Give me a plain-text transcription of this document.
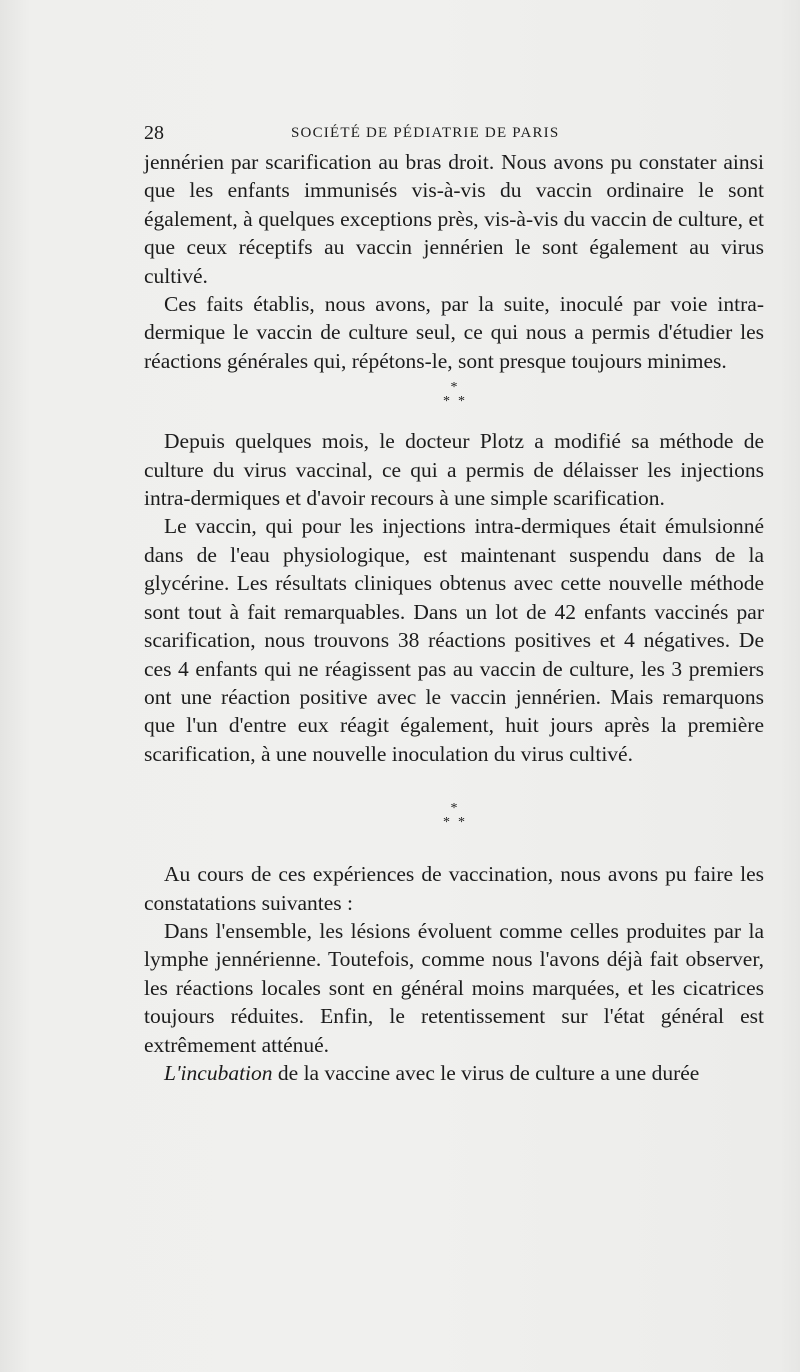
28	SOCIÉTÉ DE PÉDIATRIE DE PARIS

jennérien par scarification au bras droit. Nous avons pu constater ainsi que les enfants immunisés vis-à-vis du vaccin ordinaire le sont également, à quelques exceptions près, vis-à-vis du vaccin de culture, et que ceux réceptifs au vaccin jennérien le sont également au virus cultivé.

Ces faits établis, nous avons, par la suite, inoculé par voie intra-dermique le vaccin de culture seul, ce qui nous a permis d'étudier les réactions générales qui, répétons-le, sont presque toujours minimes.

*
**

Depuis quelques mois, le docteur Plotz a modifié sa méthode de culture du virus vaccinal, ce qui a permis de délaisser les injections intra-dermiques et d'avoir recours à une simple scarification.

Le vaccin, qui pour les injections intra-dermiques était émulsionné dans de l'eau physiologique, est maintenant suspendu dans de la glycérine. Les résultats cliniques obtenus avec cette nouvelle méthode sont tout à fait remarquables. Dans un lot de 42 enfants vaccinés par scarification, nous trouvons 38 réactions positives et 4 négatives. De ces 4 enfants qui ne réagissent pas au vaccin de culture, les 3 premiers ont une réaction positive avec le vaccin jennérien. Mais remarquons que l'un d'entre eux réagit également, huit jours après la première scarification, à une nouvelle inoculation du virus cultivé.

*
**

Au cours de ces expériences de vaccination, nous avons pu faire les constatations suivantes :

Dans l'ensemble, les lésions évoluent comme celles produites par la lymphe jennérienne. Toutefois, comme nous l'avons déjà fait observer, les réactions locales sont en général moins marquées, et les cicatrices toujours réduites. Enfin, le retentissement sur l'état général est extrêmement atténué.

L'incubation de la vaccine avec le virus de culture a une durée
